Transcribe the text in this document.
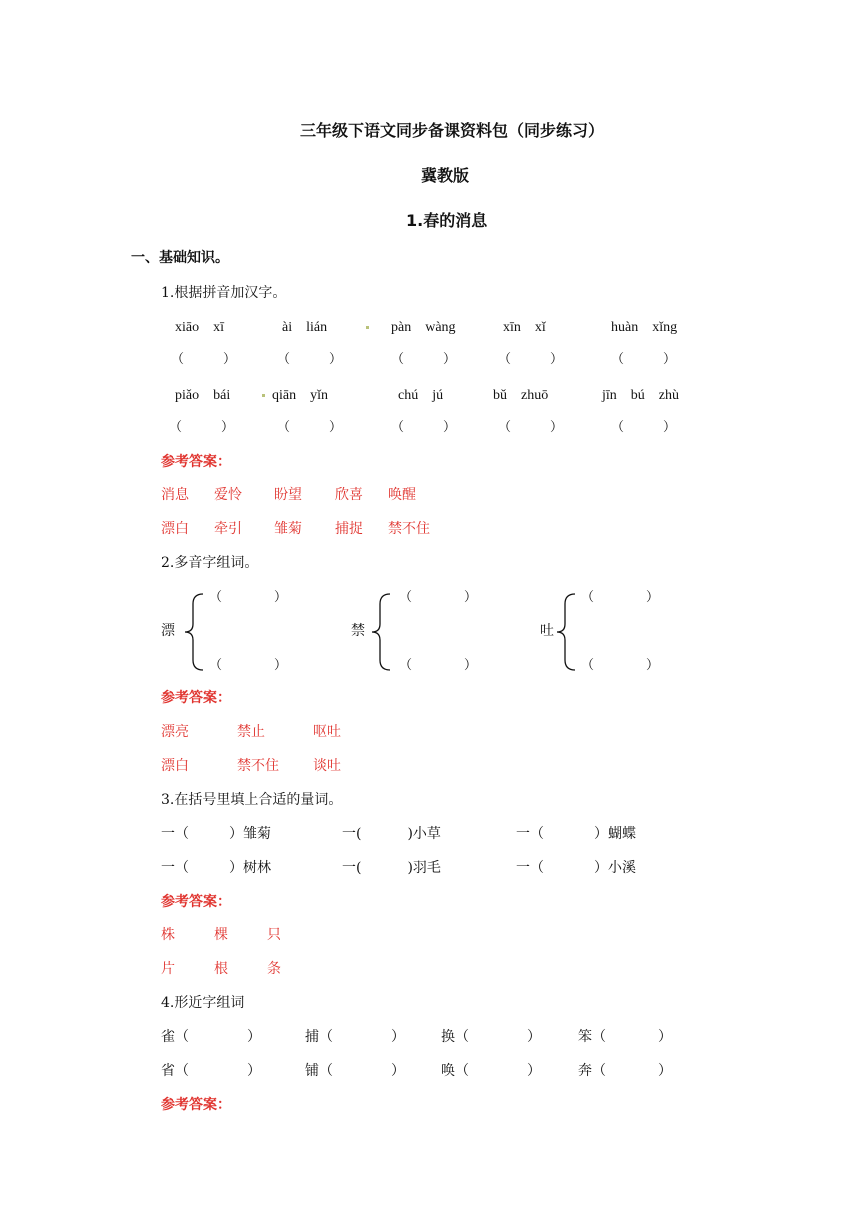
三年级下语文同步备课资料包（同步练习）
冀教版
1.春的消息
一、基础知识。
1.根据拼音加汉字。
xiāo　xī	ài　lián	pàn　wàng	xīn　xǐ	huàn　xǐng
（　　　）	（　　　）	（　　　）	（　　　）	（　　　）
piǎo　bái	qiān　yǐn	chú　jú	bǔ　zhuō	jīn　bú　zhù
（　　　）	（　　　）	（　　　）	（　　　）	（　　　）
参考答案：
消息 爱怜 盼望 欣喜 唤醒
漂白 牵引 雏菊 捕捉 禁不住
2.多音字组词。
漂
（　　　　）
（　　　　）
禁
（　　　　）
（　　　　）
吐
（　　　　）
（　　　　）
参考答案：
漂亮	禁止	呕吐
漂白	禁不住 谈吐
3.在括号里填上合适的量词。
一（	）雏菊	一(	)小草	一（	）蝴蝶
一（	）树林	一(	)羽毛	一（	）小溪
参考答案：
株	棵	只
片	根	条
4.形近字组词
雀（	）	捕（	）	换（	）	笨（	）
省（	）	铺（	）	唤（	）	奔（	）
参考答案：
